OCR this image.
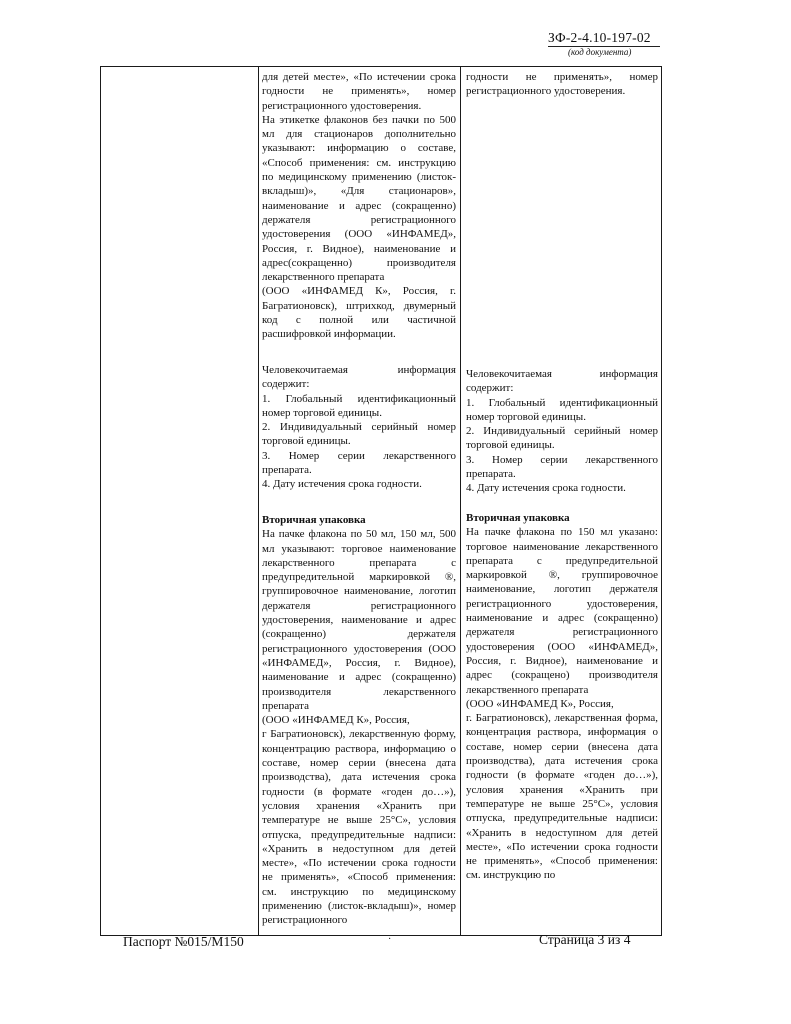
ЗФ-2-4.10-197-02
(код документа)

для детей месте», «По истечении срока годности не применять», номер регистрационного удостоверения.

На этикетке флаконов без пачки по 500 мл для стационаров дополнительно указывают: информацию о составе, «Способ применения: см. инструкцию по медицинскому применению (листок-вкладыш)», «Для стационаров», наименование и адрес (сокращенно) держателя регистрационного удостоверения (ООО «ИНФАМЕД», Россия, г. Видное), наименование и адрес(сокращенно) производителя лекарственного препарата

(ООО «ИНФАМЕД К», Россия, г. Багратионовск), штрихкод, двумерный код с полной или частичной расшифровкой информации.

Человекочитаемая информация содержит:

1. Глобальный идентификационный номер торговой единицы.

2. Индивидуальный серийный номер торговой единицы.

3. Номер серии лекарственного препарата.

4. Дату истечения срока годности.

Вторичная упаковка

На пачке флакона по 50 мл, 150 мл, 500 мл указывают: торговое наименование лекарственного препарата с предупредительной маркировкой ®, группировочное наименование, логотип держателя регистрационного удостоверения, наименование и адрес (сокращенно) держателя регистрационного удостоверения (ООО «ИНФАМЕД», Россия, г. Видное), наименование и адрес (сокращенно) производителя лекарственного препарата

(ООО «ИНФАМЕД К», Россия,

г Багратионовск), лекарственную форму, концентрацию раствора, информацию о составе, номер серии (внесена дата производства), дата истечения срока годности (в формате «годен до…»), условия хранения «Хранить при температуре не выше 25°C», условия отпуска, предупредительные надписи: «Хранить в недоступном для детей месте», «По истечении срока годности не применять», «Способ применения: см. инструкцию по медицинскому применению (листок-вкладыш)», номер регистрационного

годности не применять», номер регистрационного удостоверения.

Человекочитаемая информация содержит:

1. Глобальный идентификационный номер торговой единицы.

2. Индивидуальный серийный номер торговой единицы.

3. Номер серии лекарственного препарата.

4. Дату истечения срока годности.

Вторичная упаковка

На пачке флакона по 150 мл указано: торговое наименование лекарственного препарата с предупредительной маркировкой ®, группировочное наименование, логотип держателя регистрационного удостоверения, наименование и адрес (сокращенно) держателя регистрационного удостоверения (ООО «ИНФАМЕД», Россия, г. Видное), наименование и адрес (сокращено) производителя лекарственного препарата

(ООО «ИНФАМЕД К», Россия,

г. Багратионовск), лекарственная форма, концентрация раствора, информация о составе, номер серии (внесена дата производства), дата истечения срока годности (в формате «годен до…»), условия хранения «Хранить при температуре не выше 25°C», условия отпуска, предупредительные надписи: «Хранить в недоступном для детей месте», «По истечении срока годности не применять», «Способ применения: см. инструкцию по

Паспорт №015/М150	·	Страница 3 из 4
